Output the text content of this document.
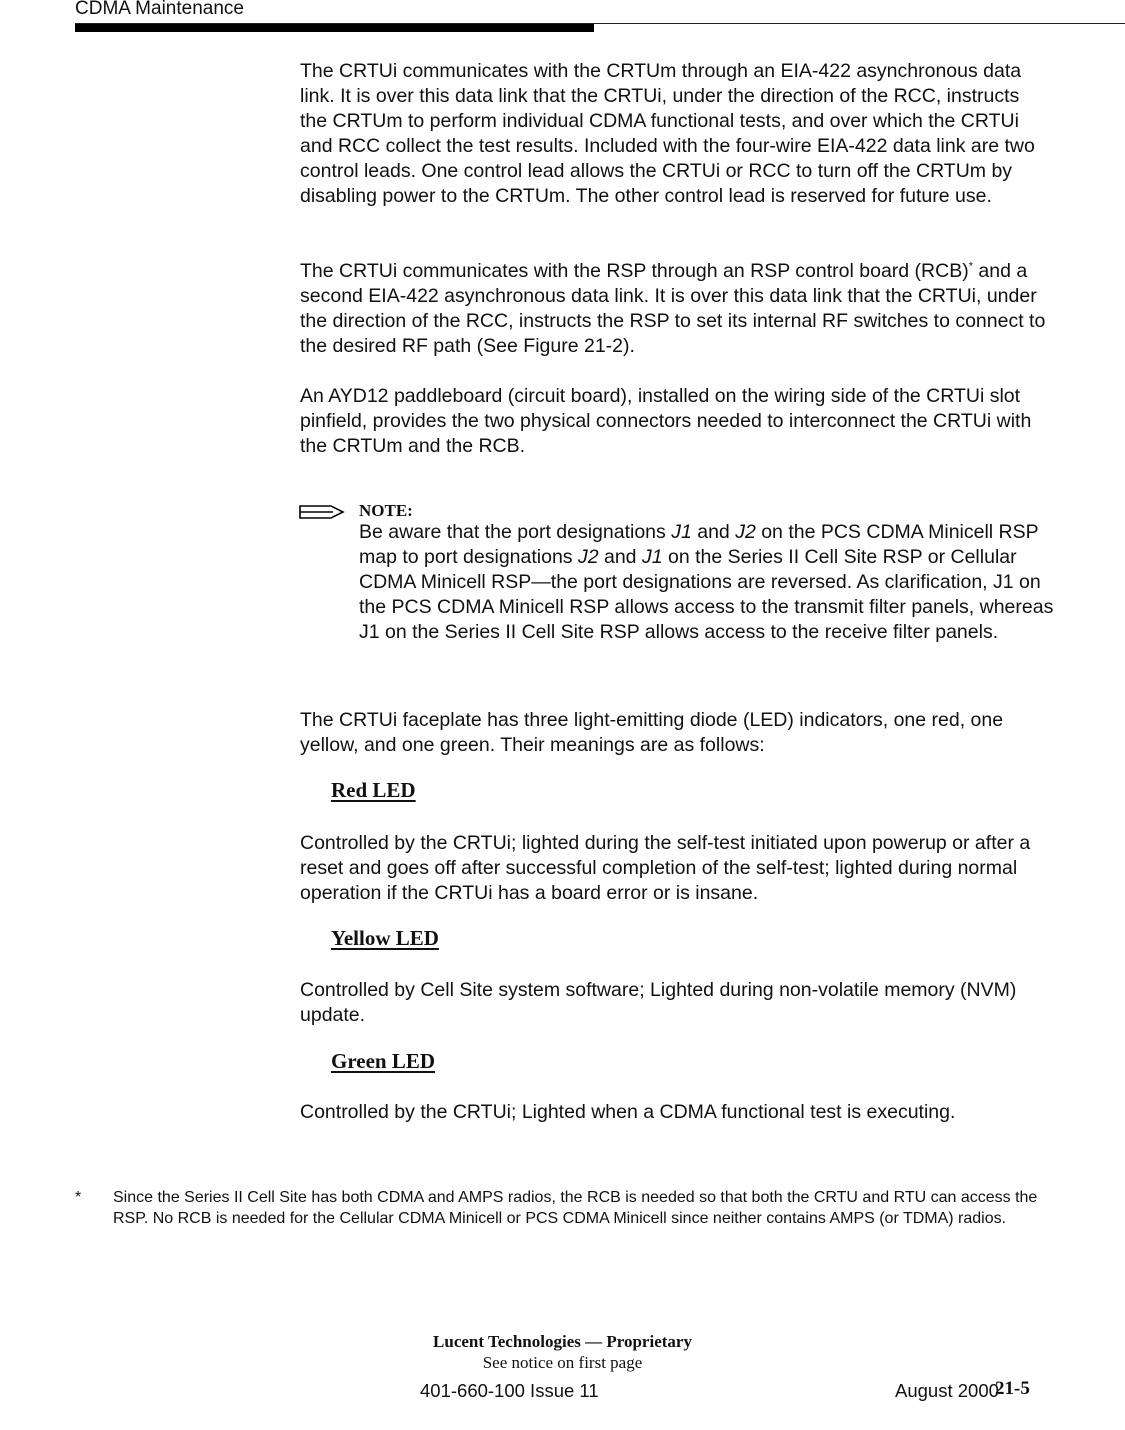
CDMA Maintenance

The CRTUi communicates with the CRTUm through an EIA-422 asynchronous data link. It is over this data link that the CRTUi, under the direction of the RCC, instructs the CRTUm to perform individual CDMA functional tests, and over which the CRTUi and RCC collect the test results. Included with the four-wire EIA-422 data link are two control leads. One control lead allows the CRTUi or RCC to turn off the CRTUm by disabling power to the CRTUm. The other control lead is reserved for future use.

The CRTUi communicates with the RSP through an RSP control board (RCB)* and a second EIA-422 asynchronous data link. It is over this data link that the CRTUi, under the direction of the RCC, instructs the RSP to set its internal RF switches to connect to the desired RF path (See Figure 21-2).

An AYD12 paddleboard (circuit board), installed on the wiring side of the CRTUi slot pinfield, provides the two physical connectors needed to interconnect the CRTUi with the CRTUm and the RCB.

NOTE:

Be aware that the port designations J1 and J2 on the PCS CDMA Minicell RSP map to port designations J2 and J1 on the Series II Cell Site RSP or Cellular CDMA Minicell RSP—the port designations are reversed. As clarification, J1 on the PCS CDMA Minicell RSP allows access to the transmit filter panels, whereas J1 on the Series II Cell Site RSP allows access to the receive filter panels.

The CRTUi faceplate has three light-emitting diode (LED) indicators, one red, one yellow, and one green. Their meanings are as follows:

Red LED

Controlled by the CRTUi; lighted during the self-test initiated upon powerup or after a reset and goes off after successful completion of the self-test; lighted during normal operation if the CRTUi has a board error or is insane.

Yellow LED

Controlled by Cell Site system software; Lighted during non-volatile memory (NVM) update.

Green LED

Controlled by the CRTUi; Lighted when a CDMA functional test is executing.

* Since the Series II Cell Site has both CDMA and AMPS radios, the RCB is needed so that both the CRTU and RTU can access the RSP. No RCB is needed for the Cellular CDMA Minicell or PCS CDMA Minicell since neither contains AMPS (or TDMA) radios.

Lucent Technologies — Proprietary
See notice on first page
401-660-100 Issue 11	August 2000
21-5
